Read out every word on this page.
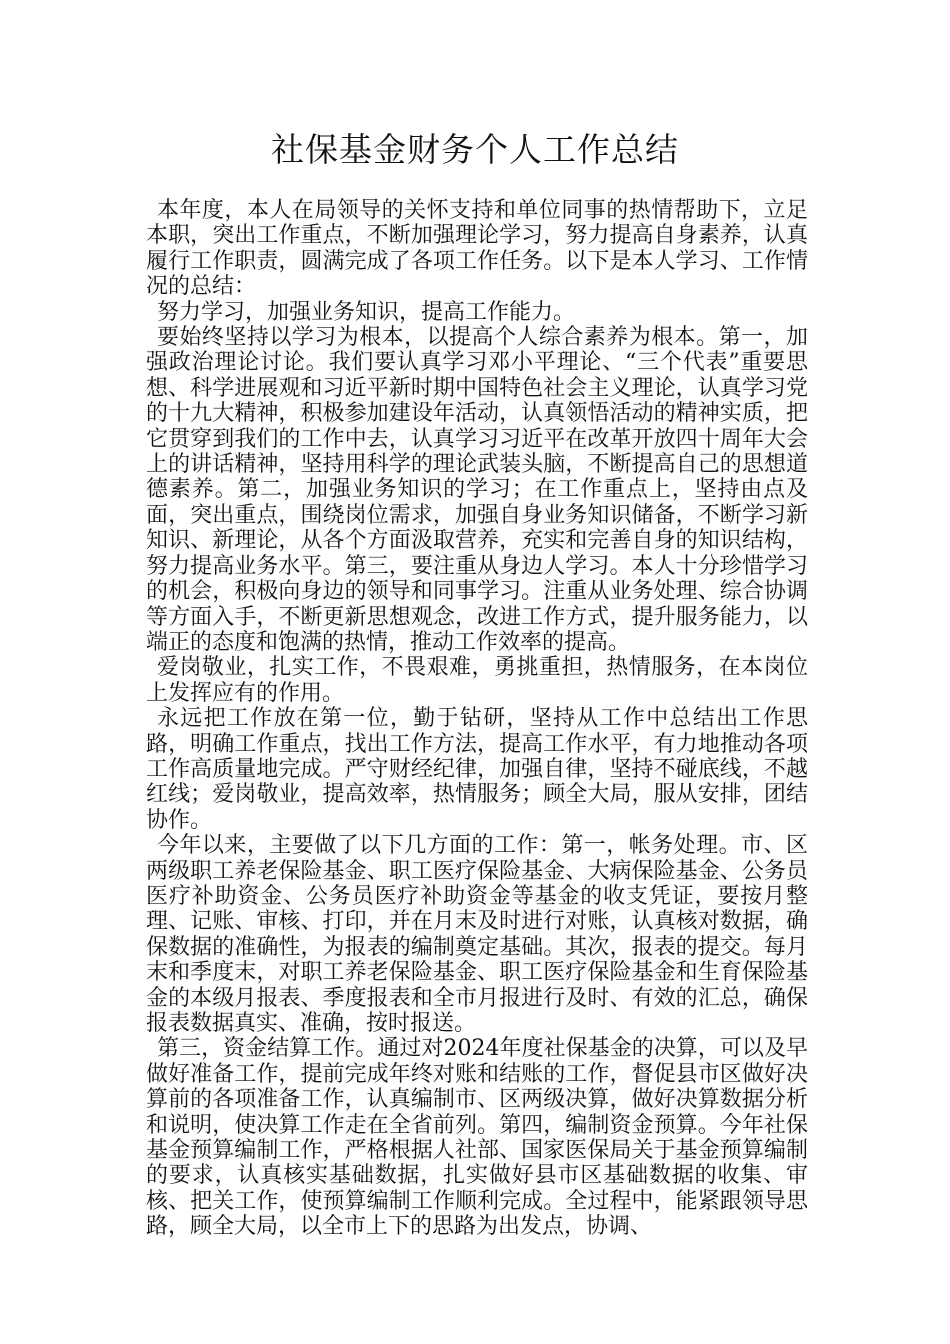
社保基金财务个人工作总结

本年度，本人在局领导的关怀支持和单位同事的热情帮助下，立足本职，突出工作重点，不断加强理论学习，努力提高自身素养，认真履行工作职责，圆满完成了各项工作任务。以下是本人学习、工作情况的总结：

努力学习，加强业务知识，提高工作能力。

要始终坚持以学习为根本，以提高个人综合素养为根本。第一，加强政治理论讨论。我们要认真学习邓小平理论、“三个代表”重要思想、科学进展观和习近平新时期中国特色社会主义理论，认真学习党的十九大精神，积极参加建设年活动，认真领悟活动的精神实质，把它贯穿到我们的工作中去，认真学习习近平在改革开放四十周年大会上的讲话精神，坚持用科学的理论武装头脑，不断提高自己的思想道德素养。第二，加强业务知识的学习；在工作重点上，坚持由点及面，突出重点，围绕岗位需求，加强自身业务知识储备，不断学习新知识、新理论，从各个方面汲取营养，充实和完善自身的知识结构，努力提高业务水平。第三，要注重从身边人学习。本人十分珍惜学习的机会，积极向身边的领导和同事学习。注重从业务处理、综合协调等方面入手，不断更新思想观念，改进工作方式，提升服务能力，以端正的态度和饱满的热情，推动工作效率的提高。

爱岗敬业，扎实工作，不畏艰难，勇挑重担，热情服务，在本岗位上发挥应有的作用。

永远把工作放在第一位，勤于钻研，坚持从工作中总结出工作思路，明确工作重点，找出工作方法，提高工作水平，有力地推动各项工作高质量地完成。严守财经纪律，加强自律，坚持不碰底线，不越红线；爱岗敬业，提高效率，热情服务；顾全大局，服从安排，团结协作。

今年以来，主要做了以下几方面的工作：第一，帐务处理。市、区两级职工养老保险基金、职工医疗保险基金、大病保险基金、公务员医疗补助资金、公务员医疗补助资金等基金的收支凭证，要按月整理、记账、审核、打印，并在月末及时进行对账，认真核对数据，确保数据的准确性，为报表的编制奠定基础。其次，报表的提交。每月末和季度末，对职工养老保险基金、职工医疗保险基金和生育保险基金的本级月报表、季度报表和全市月报进行及时、有效的汇总，确保报表数据真实、准确，按时报送。

第三，资金结算工作。通过对2024年度社保基金的决算，可以及早做好准备工作，提前完成年终对账和结账的工作，督促县市区做好决算前的各项准备工作，认真编制市、区两级决算，做好决算数据分析和说明，使决算工作走在全省前列。第四，编制资金预算。今年社保基金预算编制工作，严格根据人社部、国家医保局关于基金预算编制的要求，认真核实基础数据，扎实做好县市区基础数据的收集、审核、把关工作，使预算编制工作顺利完成。全过程中，能紧跟领导思路，顾全大局，以全市上下的思路为出发点，协调、
